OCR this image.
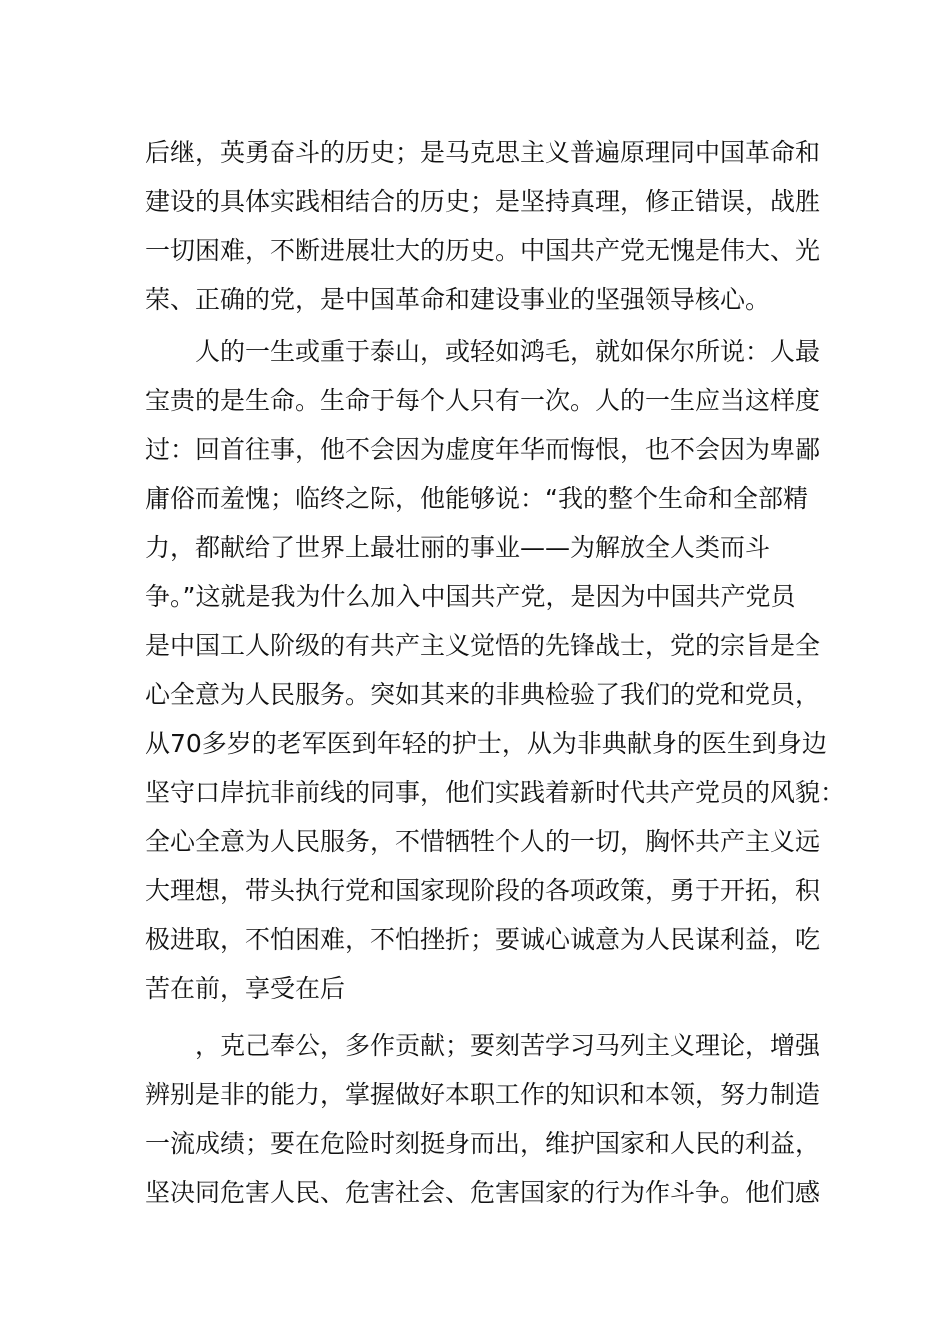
后继，英勇奋斗的历史；是马克思主义普遍原理同中国革命和
建设的具体实践相结合的历史；是坚持真理，修正错误，战胜
一切困难，不断进展壮大的历史。中国共产党无愧是伟大、光
荣、正确的党，是中国革命和建设事业的坚强领导核心。
人的一生或重于泰山，或轻如鸿毛，就如保尔所说：人最
宝贵的是生命。生命于每个人只有一次。人的一生应当这样度
过：回首往事，他不会因为虚度年华而悔恨，也不会因为卑鄙
庸俗而羞愧；临终之际，他能够说：“我的整个生命和全部精
力，都献给了世界上最壮丽的事业——为解放全人类而斗
争。”这就是我为什么加入中国共产党，是因为中国共产党员
是中国工人阶级的有共产主义觉悟的先锋战士，党的宗旨是全
心全意为人民服务。突如其来的非典检验了我们的党和党员，
从70多岁的老军医到年轻的护士，从为非典献身的医生到身边
坚守口岸抗非前线的同事，他们实践着新时代共产党员的风貌：
全心全意为人民服务，不惜牺牲个人的一切，胸怀共产主义远
大理想，带头执行党和国家现阶段的各项政策，勇于开拓，积
极进取，不怕困难，不怕挫折；要诚心诚意为人民谋利益，吃
苦在前，享受在后
，克己奉公，多作贡献；要刻苦学习马列主义理论，增强
辨别是非的能力，掌握做好本职工作的知识和本领，努力制造
一流成绩；要在危险时刻挺身而出，维护国家和人民的利益，
坚决同危害人民、危害社会、危害国家的行为作斗争。他们感
